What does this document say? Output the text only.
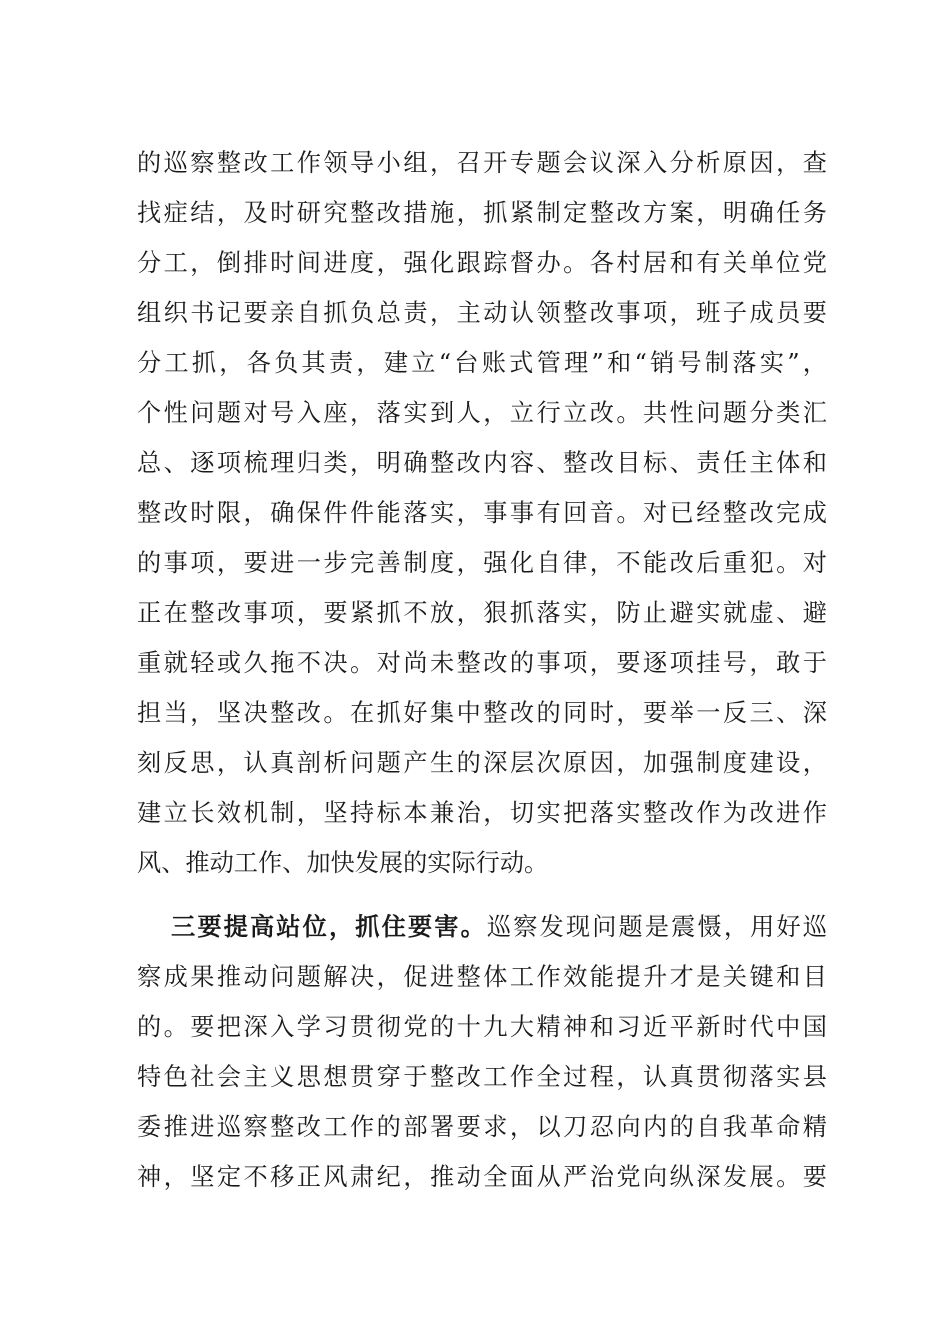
的巡察整改工作领导小组，召开专题会议深入分析原因，查
找症结，及时研究整改措施，抓紧制定整改方案，明确任务
分工，倒排时间进度，强化跟踪督办。各村居和有关单位党
组织书记要亲自抓负总责，主动认领整改事项，班子成员要
分工抓，各负其责，建立“台账式管理”和“销号制落实”，
个性问题对号入座，落实到人，立行立改。共性问题分类汇
总、逐项梳理归类，明确整改内容、整改目标、责任主体和
整改时限，确保件件能落实，事事有回音。对已经整改完成
的事项，要进一步完善制度，强化自律，不能改后重犯。对
正在整改事项，要紧抓不放，狠抓落实，防止避实就虚、避
重就轻或久拖不决。对尚未整改的事项，要逐项挂号，敢于
担当，坚决整改。在抓好集中整改的同时，要举一反三、深
刻反思，认真剖析问题产生的深层次原因，加强制度建设，
建立长效机制，坚持标本兼治，切实把落实整改作为改进作
风、推动工作、加快发展的实际行动。
三要提高站位，抓住要害。巡察发现问题是震慑，用好巡
察成果推动问题解决，促进整体工作效能提升才是关键和目
的。要把深入学习贯彻党的十九大精神和习近平新时代中国
特色社会主义思想贯穿于整改工作全过程，认真贯彻落实县
委推进巡察整改工作的部署要求，以刀忍向内的自我革命精
神，坚定不移正风肃纪，推动全面从严治党向纵深发展。要
